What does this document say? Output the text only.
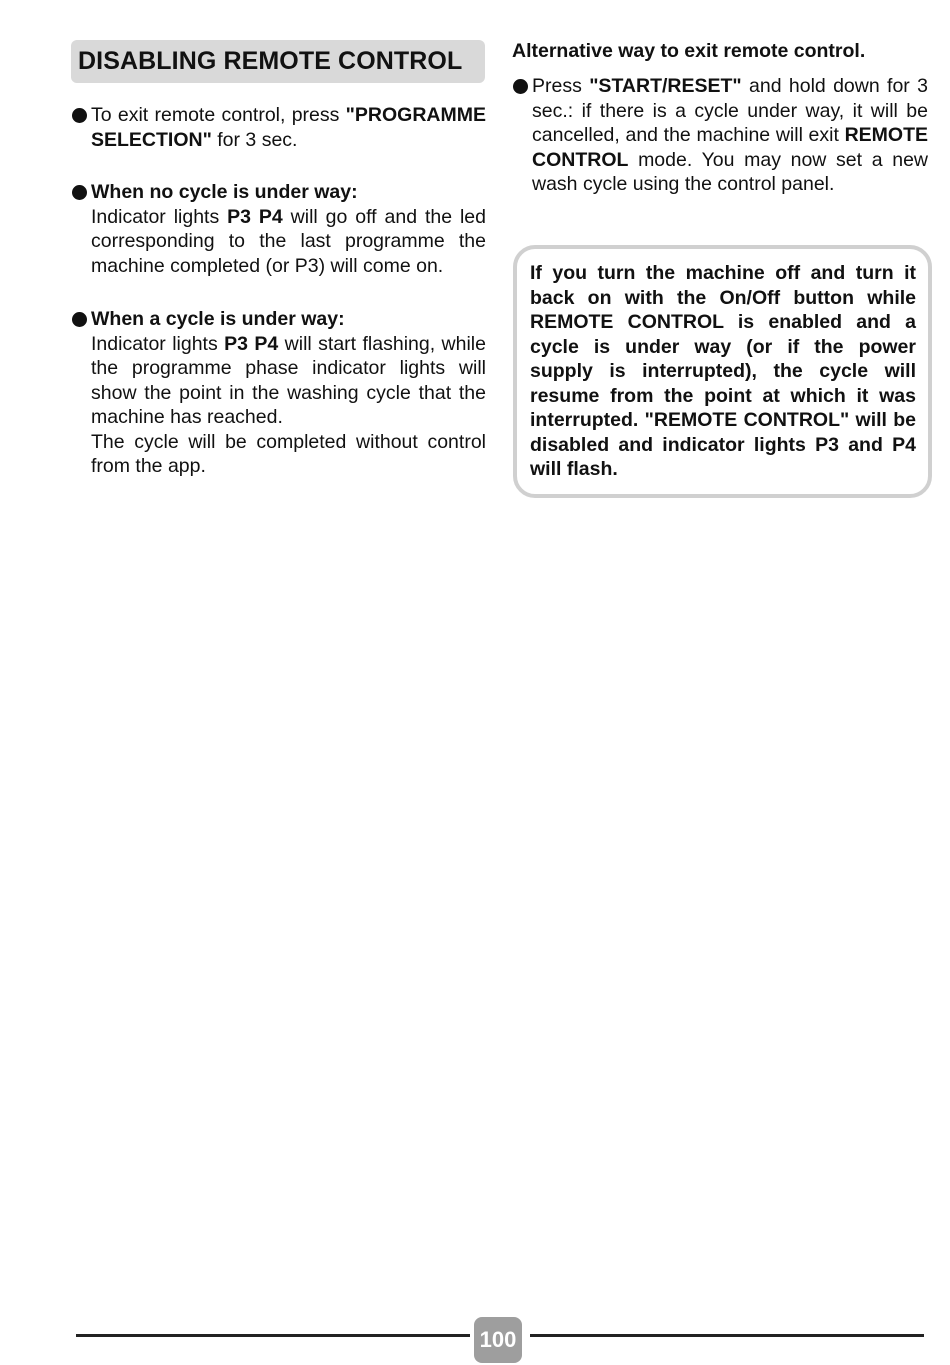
DISABLING REMOTE CONTROL

To exit remote control, press "PROGRAMME SELECTION" for 3 sec.

When no cycle is under way:

Indicator lights P3 P4 will go off and the led corresponding to the last programme the machine completed (or P3) will come on.

When a cycle is under way:

Indicator lights P3 P4 will start flashing, while the programme phase indicator lights will show the point in the washing cycle that the machine has reached.

The cycle will be completed without control from the app.

Alternative way to exit remote control.

Press "START/RESET" and hold down for 3 sec.: if there is a cycle under way, it will be cancelled, and the machine will exit REMOTE CONTROL mode. You may now set a new wash cycle using the control panel.

If you turn the machine off and turn it back on with the On/Off button while REMOTE CONTROL is enabled and a cycle is under way (or if the power supply is interrupted), the cycle will resume from the point at which it was interrupted. "REMOTE CONTROL" will be disabled and indicator lights P3 and P4 will flash.

100
